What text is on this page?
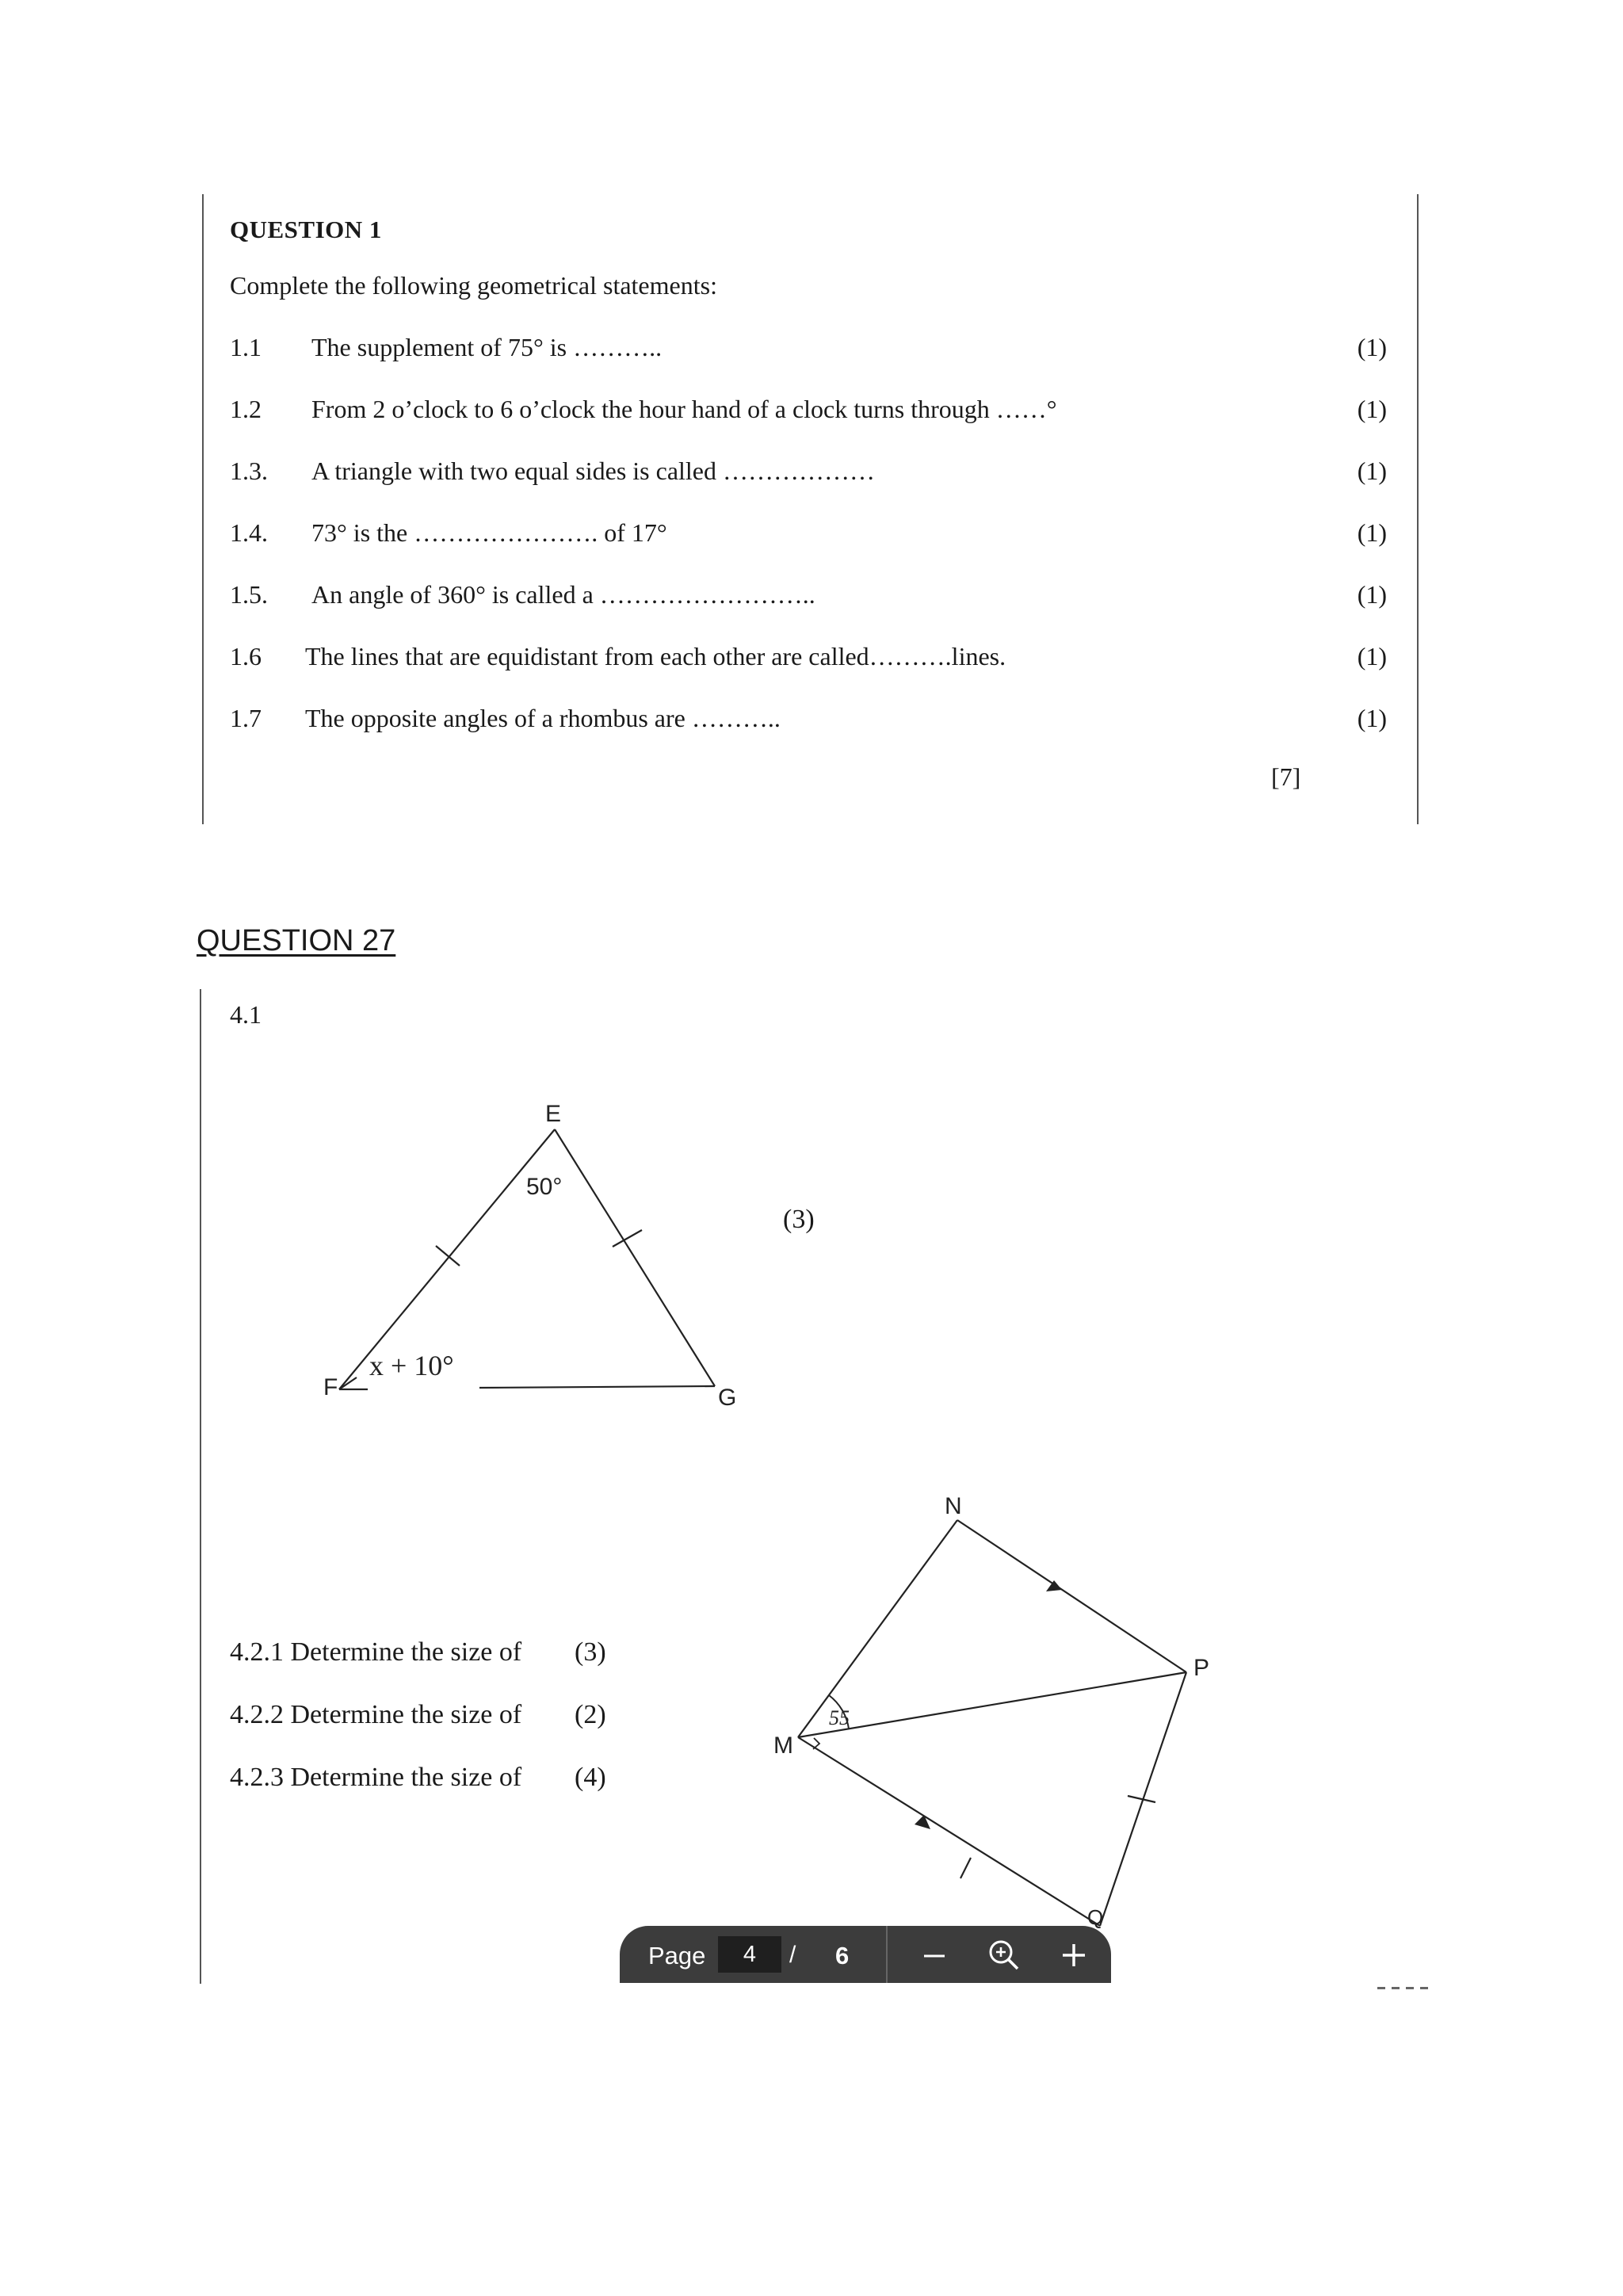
QUESTION 1
Complete the following geometrical statements:
1.1 The supplement of 75° is ………..	(1)
1.2 From 2 o’clock to 6 o’clock the hour hand of a clock turns through ……°	(1)
1.3. A triangle with two equal sides is called ………………	(1)
1.4. 73° is the …………………. of 17°	(1)
1.5. An angle of 360° is called a ……………………..	(1)
1.6 The lines that are equidistant from each other are called……….lines.	(1)
1.7 The opposite angles of a rhombus are ………..	(1)
[7]
QUESTION 27
4.1
(3)
E
F	G
50°
x + 10°
4.2.1 Determine the size of (3)
4.2.2 Determine the size of (2)
4.2.3 Determine the size of (4)
N
P
M
Q
55
Page
4	/ 6
